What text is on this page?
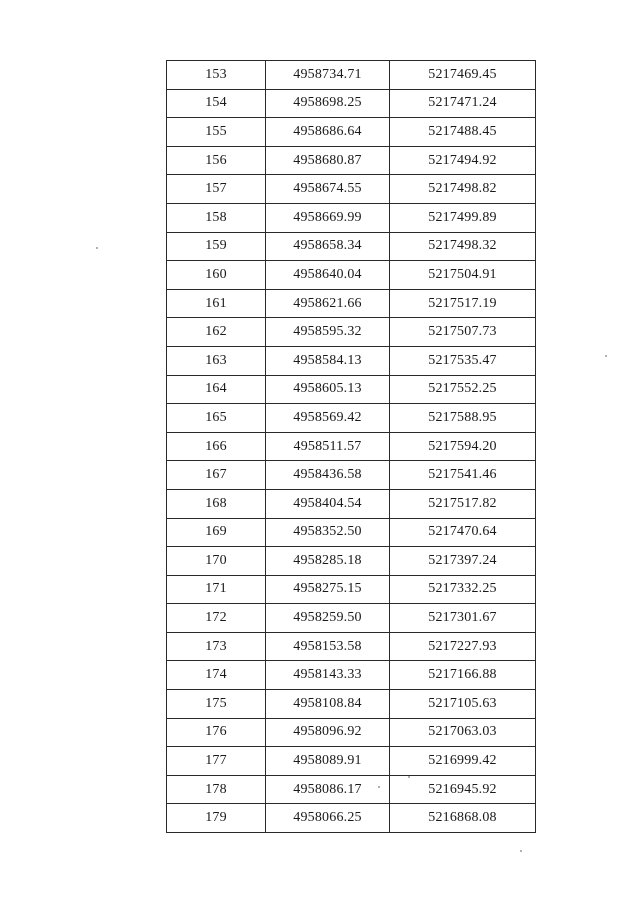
153	4958734.71	5217469.45
154	4958698.25	5217471.24
155	4958686.64	5217488.45
156	4958680.87	5217494.92
157	4958674.55	5217498.82
158	4958669.99	5217499.89
159	4958658.34	5217498.32
160	4958640.04	5217504.91
161	4958621.66	5217517.19
162	4958595.32	5217507.73
163	4958584.13	5217535.47
164	4958605.13	5217552.25
165	4958569.42	5217588.95
166	4958511.57	5217594.20
167	4958436.58	5217541.46
168	4958404.54	5217517.82
169	4958352.50	5217470.64
170	4958285.18	5217397.24
171	4958275.15	5217332.25
172	4958259.50	5217301.67
173	4958153.58	5217227.93
174	4958143.33	5217166.88
175	4958108.84	5217105.63
176	4958096.92	5217063.03
177	4958089.91	5216999.42
178	4958086.17	5216945.92
179	4958066.25	5216868.08
